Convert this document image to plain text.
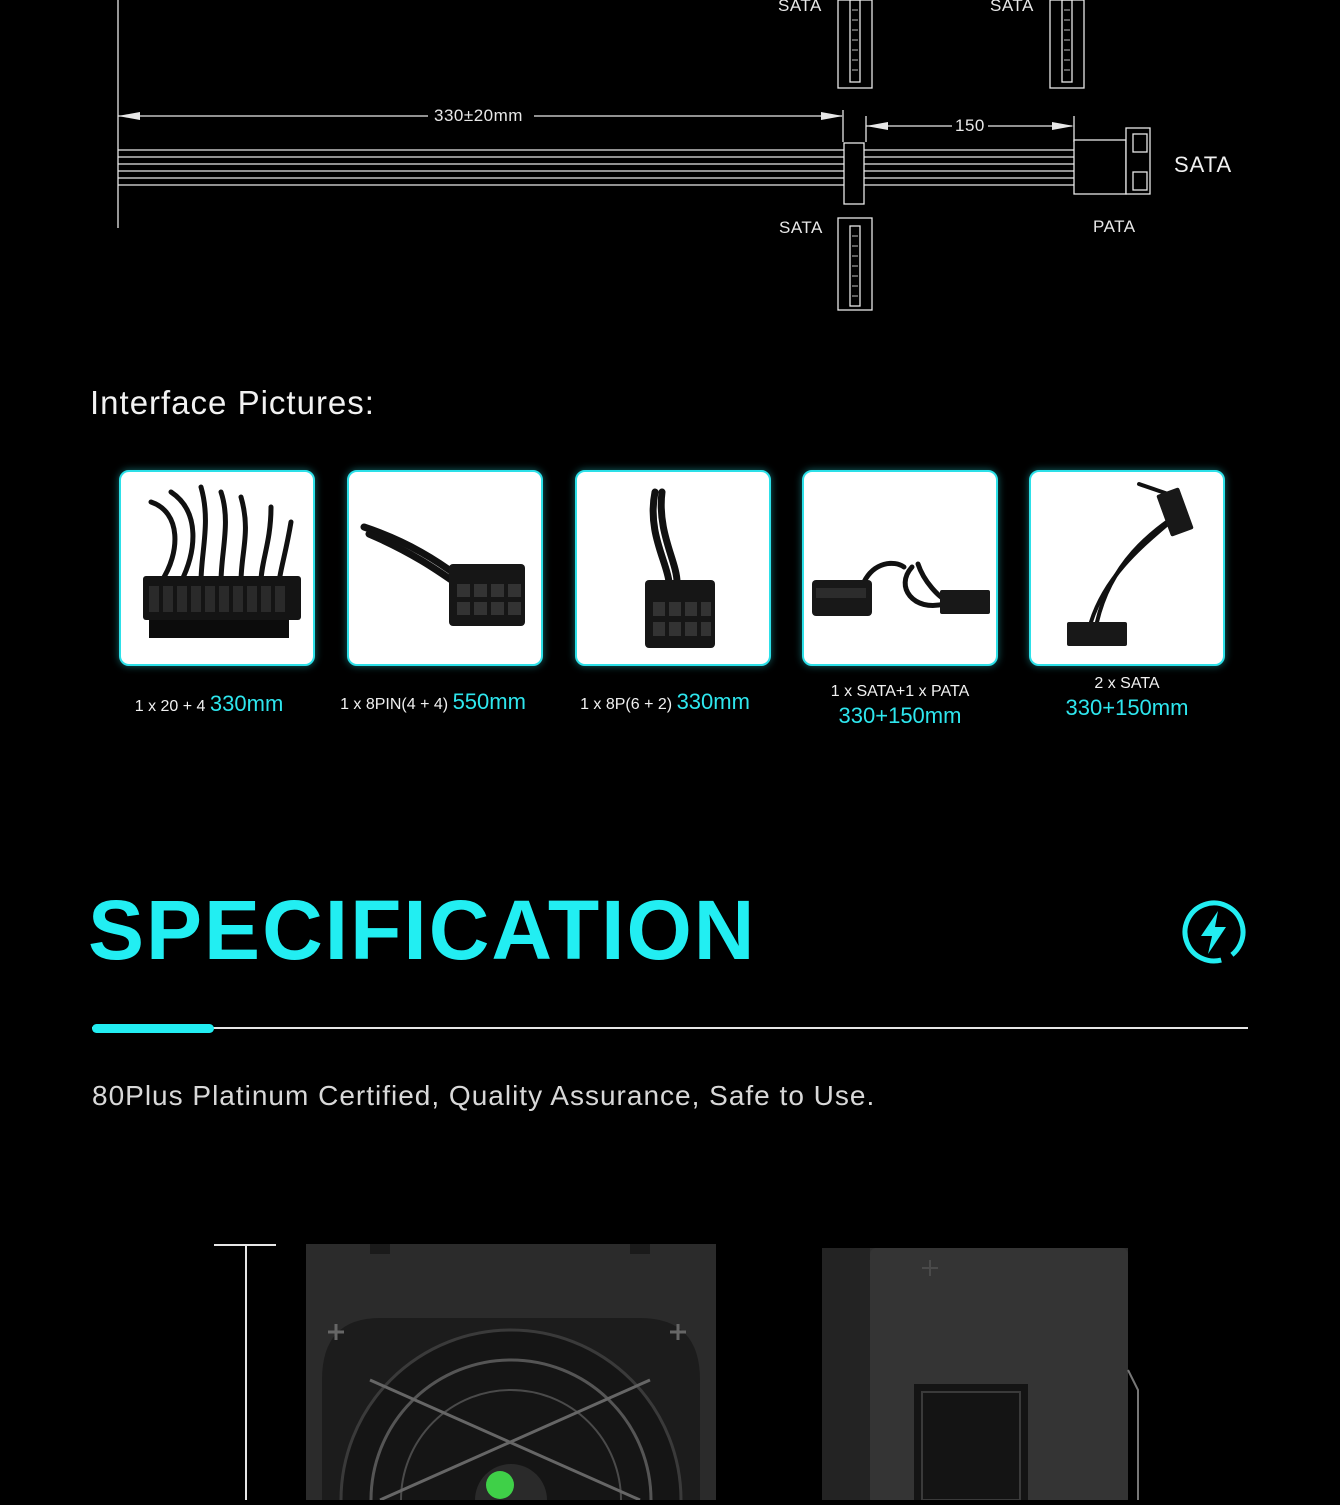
330±20mm
150
SATA	SATA
SATA
SATA
PATA
Interface Pictures:
1 x 20 + 4 330mm	1 x 8PIN(4 + 4) 550mm	1 x 8P(6 + 2) 330mm	1 x SATA+1 x PATA
330+150mm
2 x SATA
330+150mm
SPECIFICATION
80Plus Platinum Certified, Quality Assurance, Safe to Use.
